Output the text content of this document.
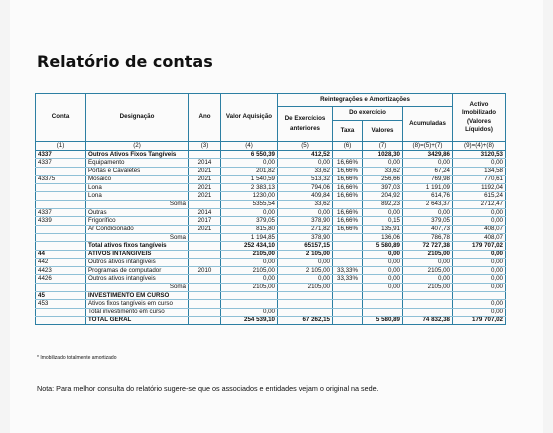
Relatório de contas
Conta	Designação	Ano	Valor Aquisição	Reintegrações e Amortizações				Activo Imobilizado (Valores Líquidos)
				De Exercícios anteriores	Do exercício		Acumuladas	
					Taxa	Valores		
(1)	(2)	(3)	(4)	(5)	(6)	(7)	(8)=(5)+(7)	(9)=(4)+(8)
4337	Outros Ativos Fixos Tangíveis		6 550,39	412,52		1028,30	3429,86	3120,53
4337	Equipamento	2014	0,00	0,00	16,66%	0,00	0,00	0,00
	Portas e Cavaletes	2021	201,82	33,62	16,66%	33,62	67,24	134,58
43375	Mosaico	2021	1 540,59	513,32	16,66%	256,66	769,98	770,61
	Lona	2021	2 383,13	794,06	16,66%	397,03	1 191,09	1192,04
	Lona	2021	1230,00	409,84	16,66%	204,92	614,76	615,24
	Soma		5355,54	33,62		892,23	2 643,37	2712,47
4337	Outras	2014	0,00	0,00	16,66%	0,00	0,00	0,00
4339	Frigorífico	2017	379,05	378,90	16,66%	0,15	379,05	0,00
	Ar Condicionado	2021	815,80	271,82	16,66%	135,91	407,73	408,07
	Soma		1 194,85	378,90		136,06	786,78	408,07
	Total ativos fixos tangíveis		252 434,10	65157,15		5 580,89	72 727,38	179 707,02
44	ATIVOS INTANGÍVEIS		2105,00	2 105,00		0,00	2105,00	0,00
442	Outros ativos intangíveis		0,00	0,00		0,00	0,00	0,00
4423	Programas de computador	2010	2105,00	2 105,00	33,33%	0,00	2105,00	0,00
4426	Outros ativos intangíveis		0,00	0,00	33,33%	0,00	0,00	0,00
	Soma		2105,00	2105,00		0,00	2105,00	0,00
45	INVESTIMENTO EM CURSO							
453	Ativos fixos tangíveis em curso							0,00
	Total investimento em curso		0,00					0,00
	TOTAL GERAL		254 539,10	67 262,15		5 580,89	74 832,38	179 707,02
* Imobilizado totalmente amortizado
Nota: Para melhor consulta do relatório sugere-se que os associados e entidades vejam o original na sede.
